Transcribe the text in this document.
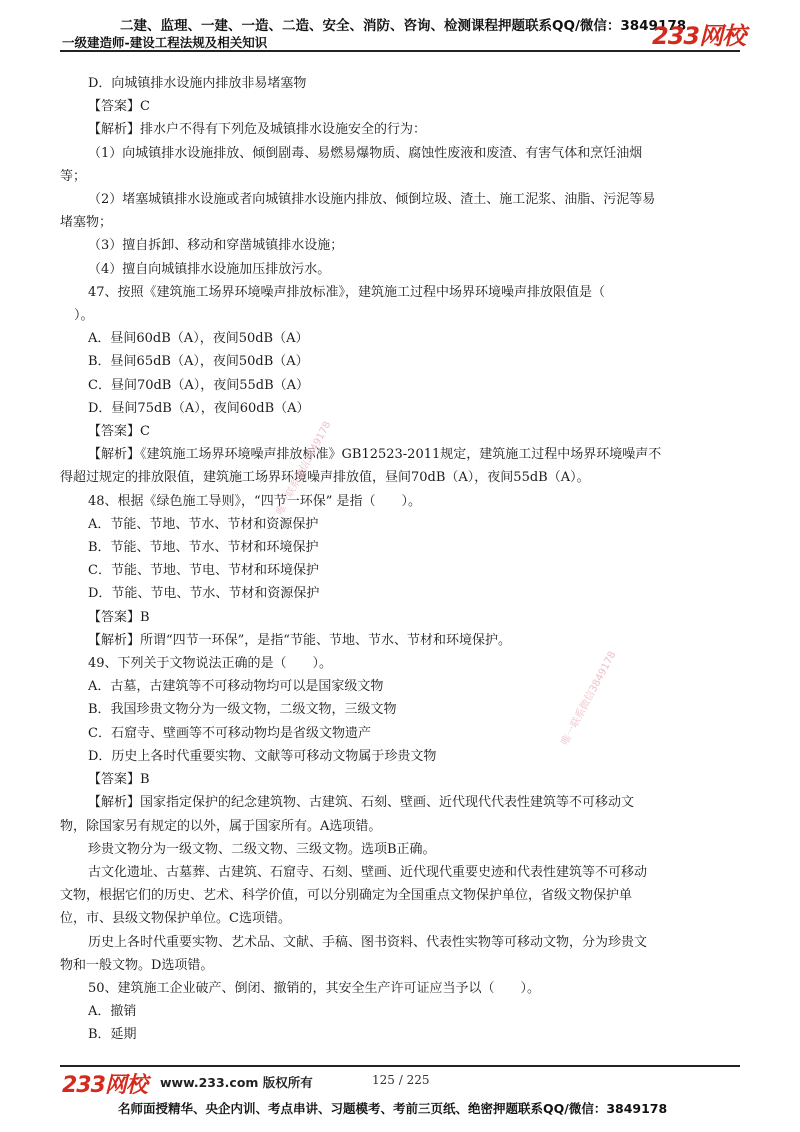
二建、监理、一建、一造、二造、安全、消防、咨询、检测课程押题联系QQ/微信：3849178
233网校
一级建造师-建设工程法规及相关知识
D．向城镇排水设施内排放非易堵塞物
【答案】C
【解析】排水户不得有下列危及城镇排水设施安全的行为：
（1）向城镇排水设施排放、倾倒剧毒、易燃易爆物质、腐蚀性废液和废渣、有害气体和烹饪油烟
等；
（2）堵塞城镇排水设施或者向城镇排水设施内排放、倾倒垃圾、渣土、施工泥浆、油脂、污泥等易
堵塞物；
（3）擅自拆卸、移动和穿凿城镇排水设施；
（4）擅自向城镇排水设施加压排放污水。
47、按照《建筑施工场界环境噪声排放标准》，建筑施工过程中场界环境噪声排放限值是（
）。
A．昼间60dB（A），夜间50dB（A）
B．昼间65dB（A），夜间50dB（A）
C．昼间70dB（A），夜间55dB（A）
D．昼间75dB（A），夜间60dB（A）
【答案】C
【解析】《建筑施工场界环境噪声排放标准》GB12523-2011规定，建筑施工过程中场界环境噪声不
得超过规定的排放限值，建筑施工场界环境噪声排放值，昼间70dB（A），夜间55dB（A）。
48、根据《绿色施工导则》，“四节一环保” 是指（　　）。
A．节能、节地、节水、节材和资源保护
B．节能、节地、节水、节材和环境保护
C．节能、节地、节电、节材和环境保护
D．节能、节电、节水、节材和资源保护
【答案】B
【解析】所谓“四节一环保”，是指“节能、节地、节水、节材和环境保护。
49、下列关于文物说法正确的是（　　）。
A．古墓，古建筑等不可移动物均可以是国家级文物
B．我国珍贵文物分为一级文物，二级文物，三级文物
C．石窟寺、壁画等不可移动物均是省级文物遗产
D．历史上各时代重要实物、文献等可移动文物属于珍贵文物
【答案】B
【解析】国家指定保护的纪念建筑物、古建筑、石刻、壁画、近代现代代表性建筑等不可移动文
物，除国家另有规定的以外，属于国家所有。A选项错。
珍贵文物分为一级文物、二级文物、三级文物。选项B正确。
古文化遗址、古墓葬、古建筑、石窟寺、石刻、壁画、近代现代重要史迹和代表性建筑等不可移动
文物，根据它们的历史、艺术、科学价值，可以分别确定为全国重点文物保护单位，省级文物保护单
位，市、县级文物保护单位。C选项错。
历史上各时代重要实物、艺术品、文献、手稿、图书资料、代表性实物等可移动文物，分为珍贵文
物和一般文物。D选项错。
50、建筑施工企业破产、倒闭、撤销的，其安全生产许可证应当予以（　　）。
A．撤销
B．延期
唯一联系微信3849178
唯一联系微信3849178
233网校 www.233.com 版权所有	125 / 225
名师面授精华、央企内训、考点串讲、习题模考、考前三页纸、绝密押题联系QQ/微信：3849178
